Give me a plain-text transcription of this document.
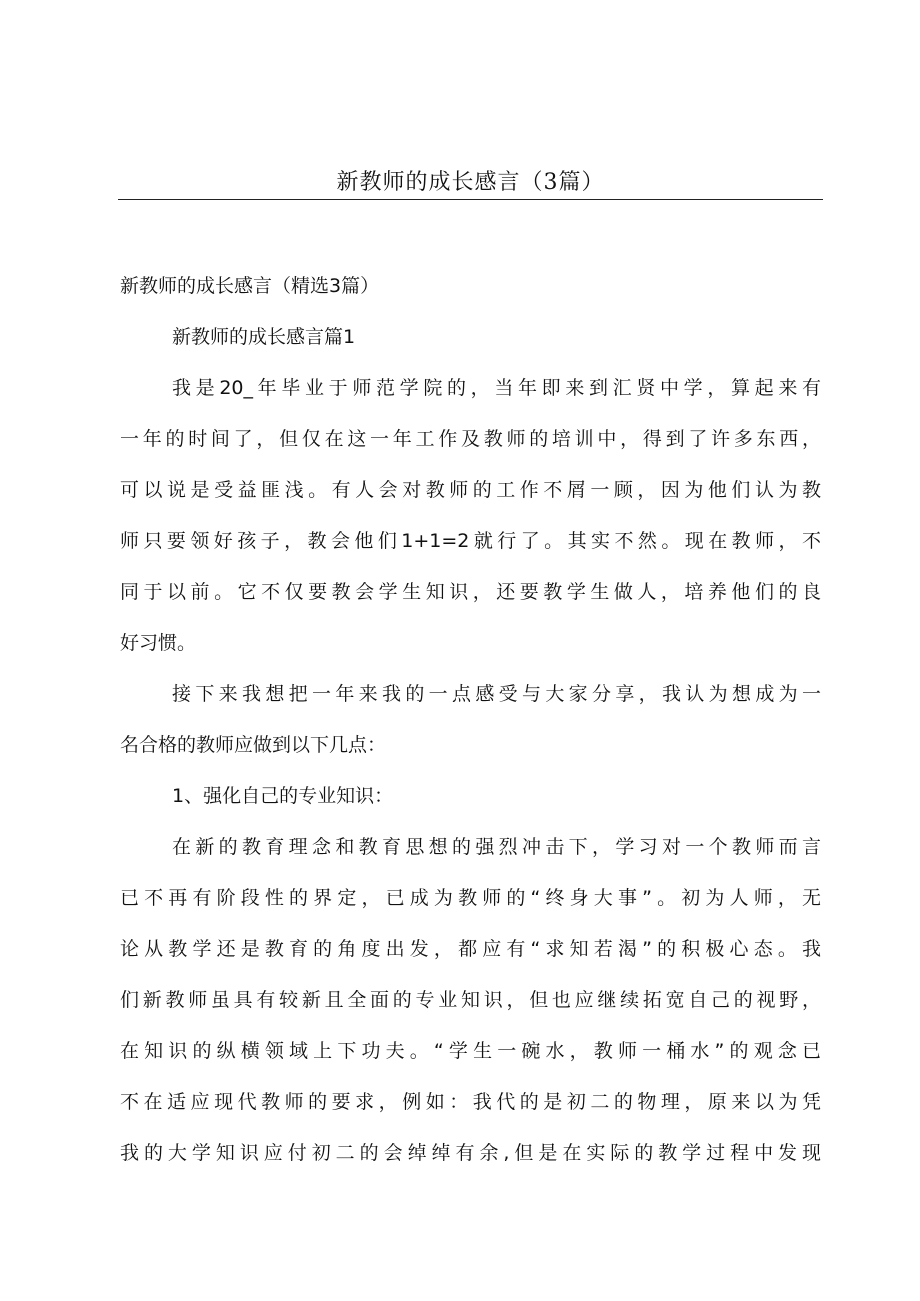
新教师的成长感言（3篇）
新教师的成长感言（精选3篇）
新教师的成长感言篇1
我是20_年毕业于师范学院的，当年即来到汇贤中学，算起来有
一年的时间了，但仅在这一年工作及教师的培训中，得到了许多东西，
可以说是受益匪浅。有人会对教师的工作不屑一顾，因为他们认为教
师只要领好孩子，教会他们1+1=2就行了。其实不然。现在教师，不
同于以前。它不仅要教会学生知识，还要教学生做人，培养他们的良
好习惯。
接下来我想把一年来我的一点感受与大家分享，我认为想成为一
名合格的教师应做到以下几点：
1、强化自己的专业知识：
在新的教育理念和教育思想的强烈冲击下，学习对一个教师而言
已不再有阶段性的界定，已成为教师的“终身大事”。初为人师，无
论从教学还是教育的角度出发，都应有“求知若渴”的积极心态。我
们新教师虽具有较新且全面的专业知识，但也应继续拓宽自己的视野，
在知识的纵横领域上下功夫。“学生一碗水，教师一桶水”的观念已
不在适应现代教师的要求，例如：我代的是初二的物理，原来以为凭
我的大学知识应付初二的会绰绰有余,但是在实际的教学过程中发现
